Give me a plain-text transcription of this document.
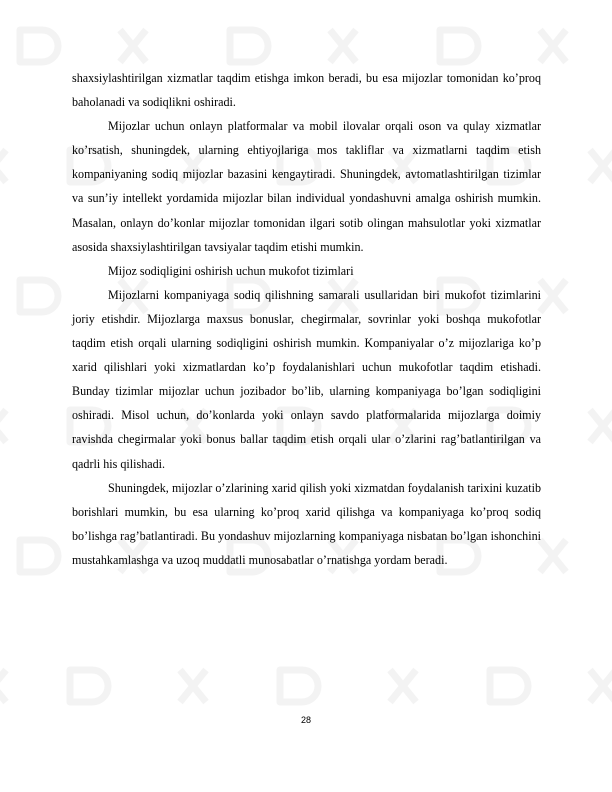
shaxsiylashtirilgan xizmatlar taqdim etishga imkon beradi, bu esa mijozlar tomonidan ko’proq baholanadi va sodiqlikni oshiradi.

Mijozlar uchun onlayn platformalar va mobil ilovalar orqali oson va qulay xizmatlar ko’rsatish, shuningdek, ularning ehtiyojlariga mos takliflar va xizmatlarni taqdim etish kompaniyaning sodiq mijozlar bazasini kengaytiradi. Shuningdek, avtomatlashtirilgan tizimlar va sun’iy intellekt yordamida mijozlar bilan individual yondashuvni amalga oshirish mumkin. Masalan, onlayn do’konlar mijozlar tomonidan ilgari sotib olingan mahsulotlar yoki xizmatlar asosida shaxsiylashtirilgan tavsiyalar taqdim etishi mumkin.

Mijoz sodiqligini oshirish uchun mukofot tizimlari

Mijozlarni kompaniyaga sodiq qilishning samarali usullaridan biri mukofot tizimlarini joriy etishdir. Mijozlarga maxsus bonuslar, chegirmalar, sovrinlar yoki boshqa mukofotlar taqdim etish orqali ularning sodiqligini oshirish mumkin. Kompaniyalar o’z mijozlariga ko’p xarid qilishlari yoki xizmatlardan ko’p foydalanishlari uchun mukofotlar taqdim etishadi. Bunday tizimlar mijozlar uchun jozibador bo’lib, ularning kompaniyaga bo’lgan sodiqligini oshiradi. Misol uchun, do’konlarda yoki onlayn savdo platformalarida mijozlarga doimiy ravishda chegirmalar yoki bonus ballar taqdim etish orqali ular o’zlarini rag’batlantirilgan va qadrli his qilishadi.

Shuningdek, mijozlar o’zlarining xarid qilish yoki xizmatdan foydalanish tarixini kuzatib borishlari mumkin, bu esa ularning ko’proq xarid qilishga va kompaniyaga ko’proq sodiq bo’lishga rag’batlantiradi. Bu yondashuv mijozlarning kompaniyaga nisbatan bo’lgan ishonchini mustahkamlashga va uzoq muddatli munosabatlar o’rnatishga yordam beradi.

28
